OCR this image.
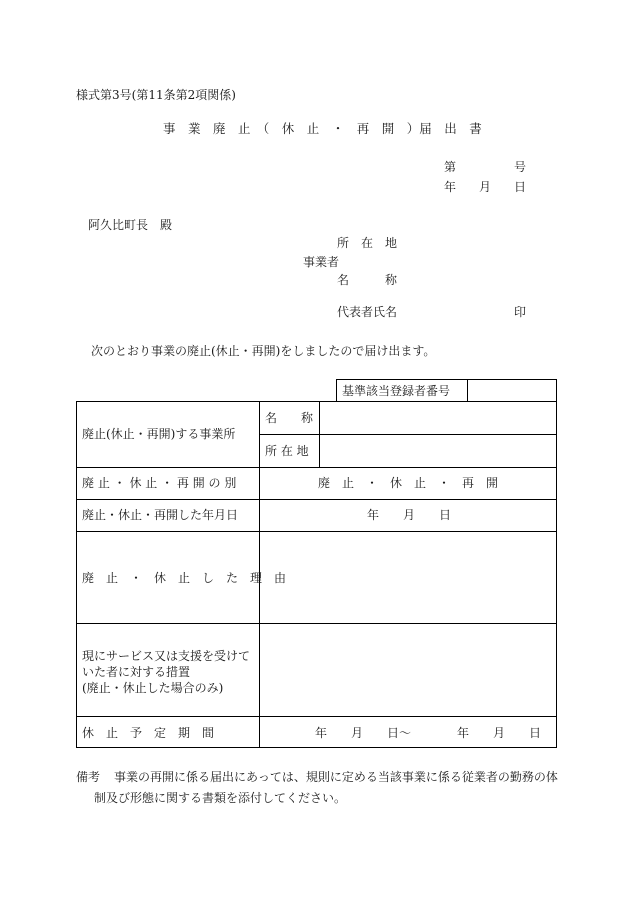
様式第3号(第11条第2項関係)
事　業　廃　止　（　休　止　・　再　開　）届　出　書
第	号
年 月 日
阿久比町長　殿
所　在　地
事業者
名　　　称
代表者氏名	印
次のとおり事業の廃止(休止・再開)をしましたので届け出ます。
基準該当登録者番号
廃止(休止・再開)する事業所
名　　称
所 在 地
廃 止 ・ 休 止 ・ 再 開 の 別	廃　止　・　休　止　・　再　開
廃止・休止・再開した年月日	年　　月　　日
廃　止　・　休　止　し　た　理　由
現にサービス又は支援を受けて
いた者に対する措置
(廃止・休止した場合のみ)
休　止　予　定　期　間	年　　月　　日〜	年　　月　　日
備考 事業の再開に係る届出にあっては、規則に定める当該事業に係る従業者の勤務の体
制及び形態に関する書類を添付してください。
